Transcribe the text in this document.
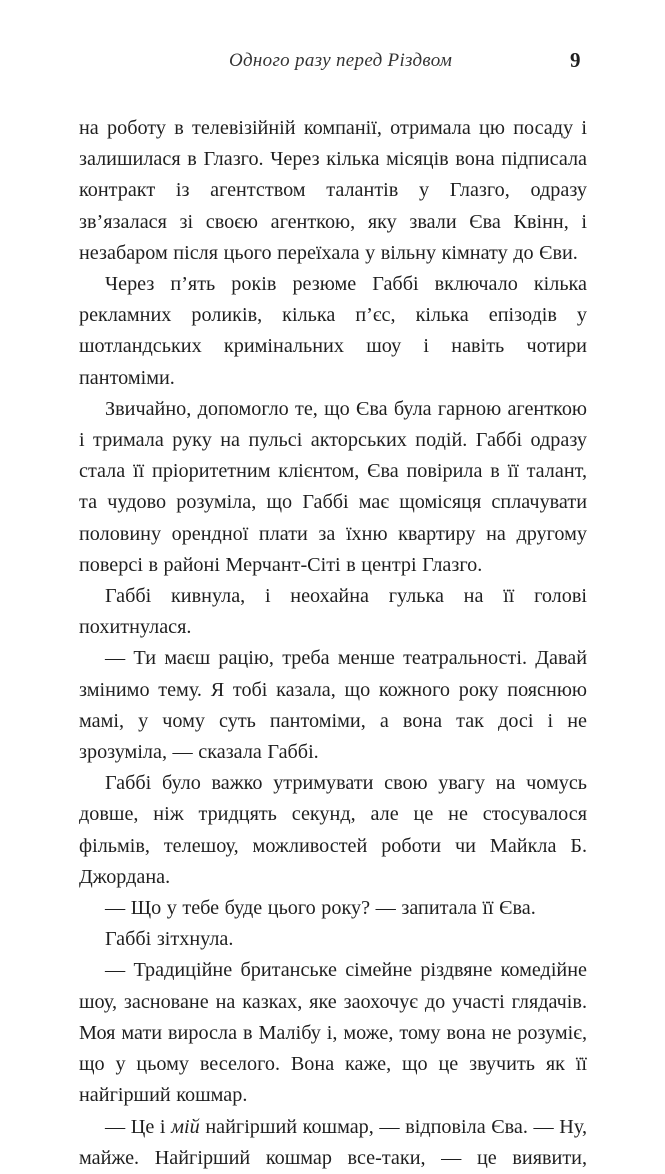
Одного разу перед Різдвом	9

на роботу в телевізійній компанії, отримала цю посаду і залишилася в Глазго. Через кілька місяців вона підписала контракт із агентством талантів у Глазго, одразу зв’язалася зі своєю агенткою, яку звали Єва Квінн, і незабаром після цього переїхала у вільну кімнату до Єви.

Через п’ять років резюме Габбі включало кілька рекламних роликів, кілька п’єс, кілька епізодів у шотландських кримінальних шоу і навіть чотири пантоміми.

Звичайно, допомогло те, що Єва була гарною агенткою і тримала руку на пульсі акторських подій. Габбі одразу стала її пріоритетним клієнтом, Єва повірила в її талант, та чудово розуміла, що Габбі має щомісяця сплачувати половину орендної плати за їхню квартиру на другому поверсі в районі Мерчант-Сіті в центрі Глазго.

Габбі кивнула, і неохайна гулька на її голові похитнулася.

— Ти маєш рацію, треба менше театральності. Давай змінимо тему. Я тобі казала, що кожного року пояснюю мамі, у чому суть пантоміми, а вона так досі і не зрозуміла, — сказала Габбі.

Габбі було важко утримувати свою увагу на чомусь довше, ніж тридцять секунд, але це не стосувалося фільмів, телешоу, можливостей роботи чи Майкла Б. Джордана.

— Що у тебе буде цього року? — запитала її Єва.

Габбі зітхнула.

— Традиційне британське сімейне різдвяне комедійне шоу, засноване на казках, яке заохочує до участі глядачів. Моя мати виросла в Малібу і, може, тому вона не розуміє, що у цьому веселого. Вона каже, що це звучить як її найгірший кошмар.

— Це і мій найгірший кошмар, — відповіла Єва. — Ну, майже. Найгірший кошмар все-таки, — це виявити,
